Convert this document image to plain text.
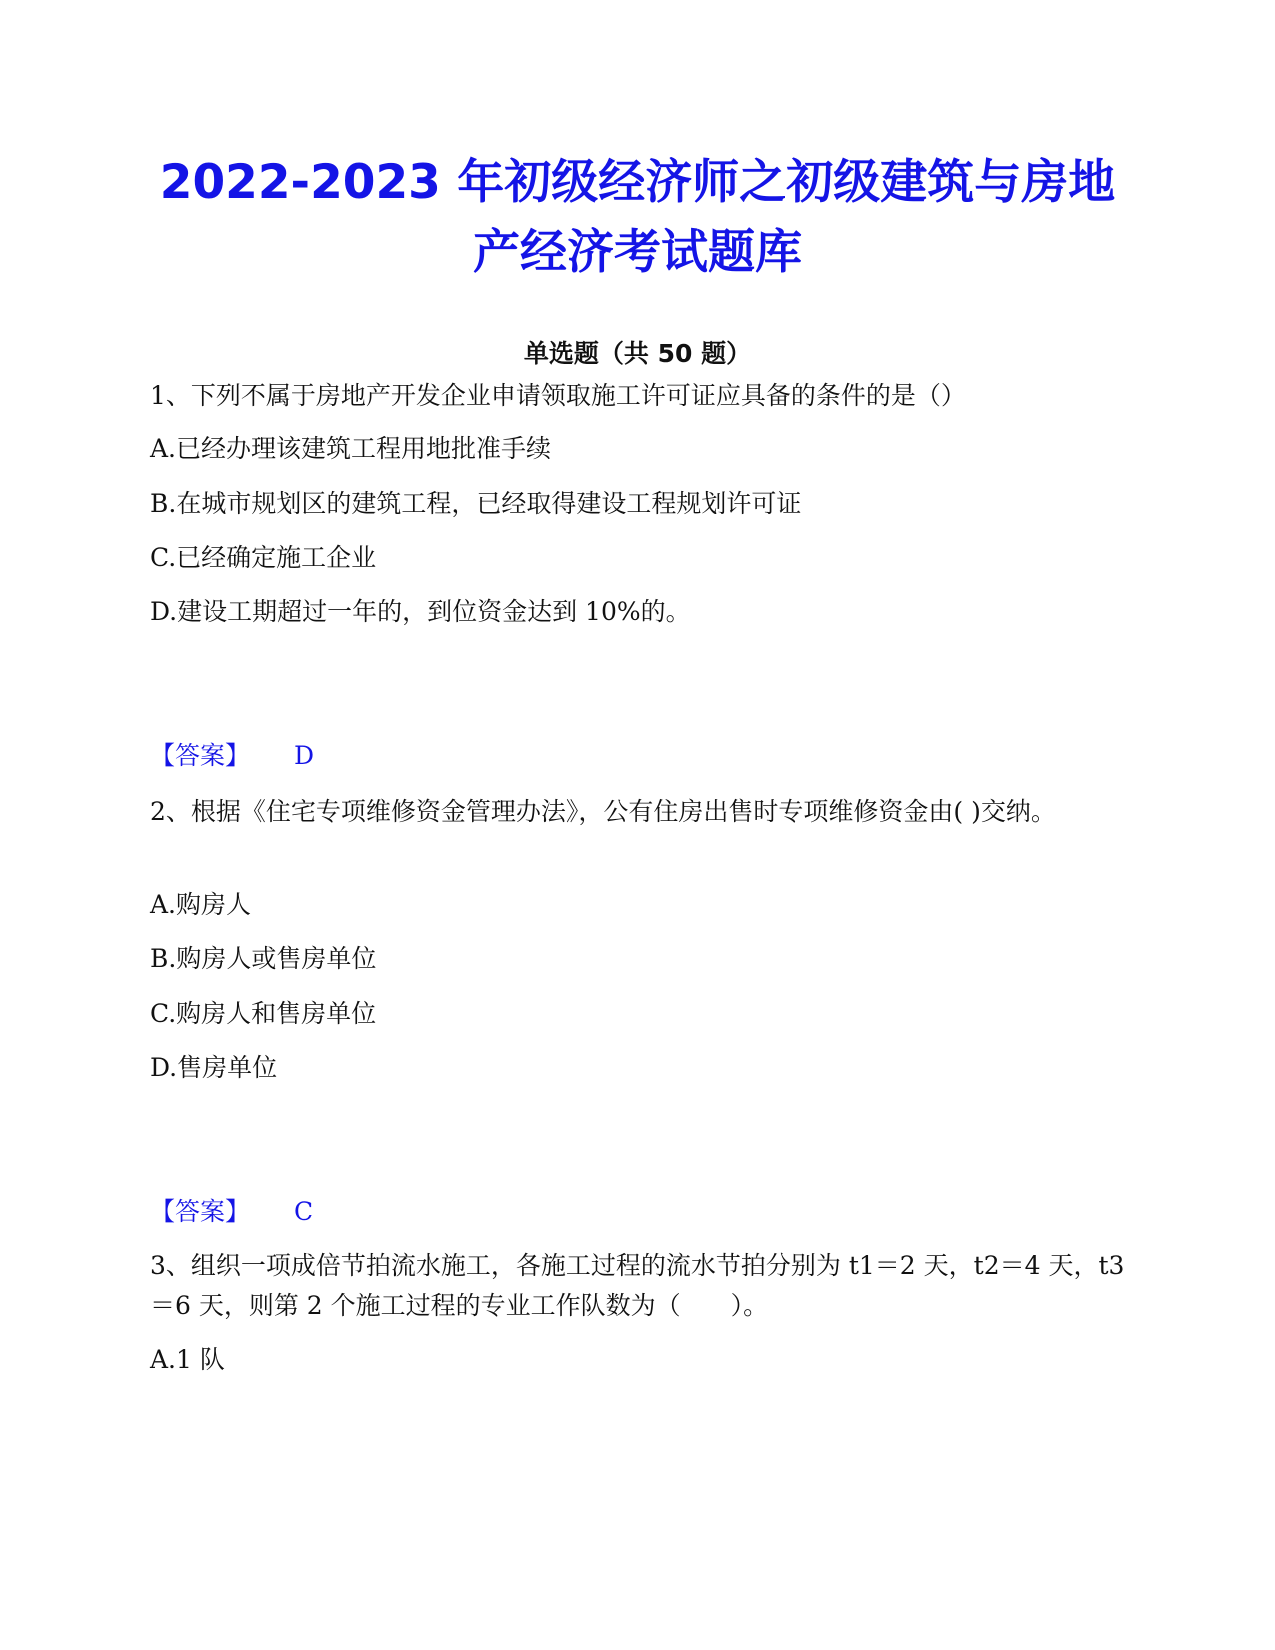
2022-2023 年初级经济师之初级建筑与房地
产经济考试题库
单选题（共 50 题）
1、下列不属于房地产开发企业申请领取施工许可证应具备的条件的是（）
A.已经办理该建筑工程用地批准手续
B.在城市规划区的建筑工程，已经取得建设工程规划许可证
C.已经确定施工企业
D.建设工期超过一年的，到位资金达到 10%的。
【答案】 D
2、根据《住宅专项维修资金管理办法》，公有住房出售时专项维修资金由( )交纳。
A.购房人
B.购房人或售房单位
C.购房人和售房单位
D.售房单位
【答案】 C
3、组织一项成倍节拍流水施工，各施工过程的流水节拍分别为 t1＝2 天，t2＝4 天，t3＝6 天，则第 2 个施工过程的专业工作队数为（　　）。
A.1 队
